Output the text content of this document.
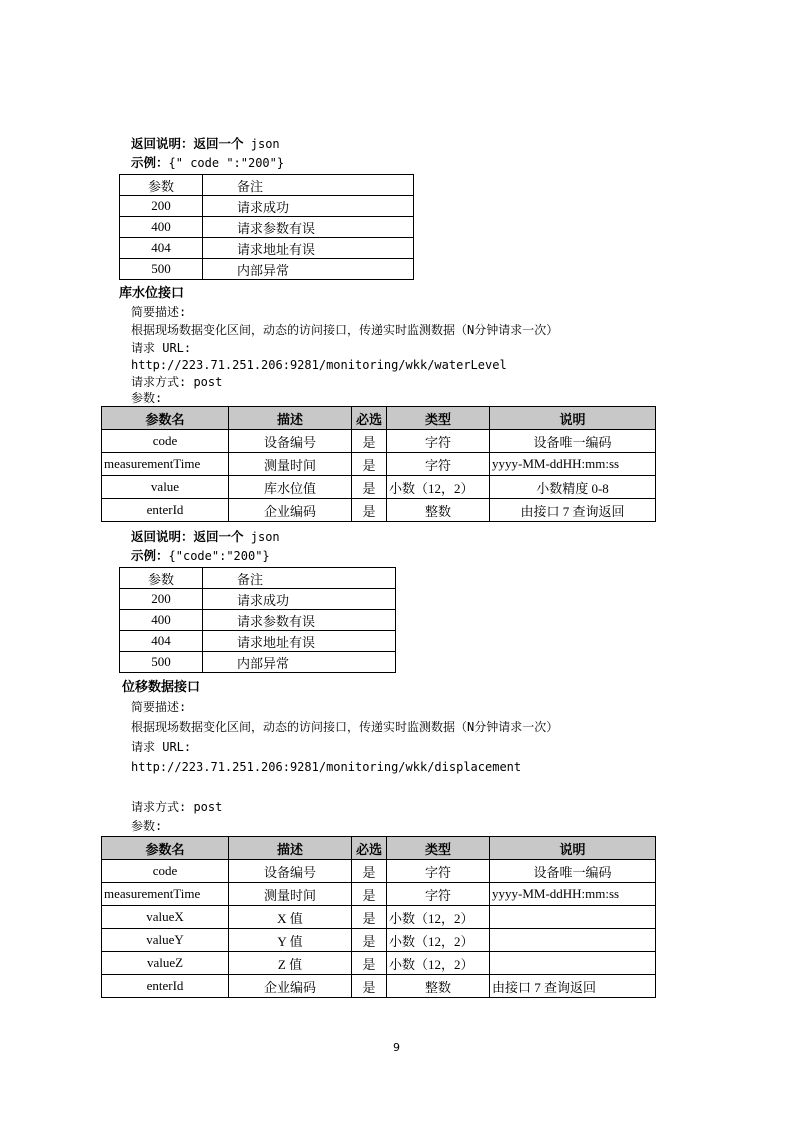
返回说明：返回一个 json
示例：{" code ":"200"}
参数	备注
200	请求成功
400	请求参数有误
404	请求地址有误
500	内部异常
库水位接口
简要描述:
根据现场数据变化区间，动态的访问接口，传递实时监测数据（N分钟请求一次）
请求 URL:
http://223.71.251.206:9281/monitoring/wkk/waterLevel
请求方式: post
参数:
参数名	描述	必选	类型	说明
code	设备编号	是	字符	设备唯一编码
measurementTime	测量时间	是	字符	yyyy-MM-ddHH:mm:ss
value	库水位值	是	小数（12，2）	小数精度 0-8
enterId	企业编码	是	整数	由接口 7 查询返回
返回说明：返回一个 json
示例：{"code":"200"}
参数	备注
200	请求成功
400	请求参数有误
404	请求地址有误
500	内部异常
位移数据接口
简要描述:
根据现场数据变化区间，动态的访问接口，传递实时监测数据（N分钟请求一次）
请求 URL:
http://223.71.251.206:9281/monitoring/wkk/displacement
请求方式: post
参数:
参数名	描述	必选	类型	说明
code	设备编号	是	字符	设备唯一编码
measurementTime	测量时间	是	字符	yyyy-MM-ddHH:mm:ss
valueX	X 值	是	小数（12，2）	
valueY	Y 值	是	小数（12，2）	
valueZ	Z 值	是	小数（12，2）	
enterId	企业编码	是	整数	由接口 7 查询返回
9
